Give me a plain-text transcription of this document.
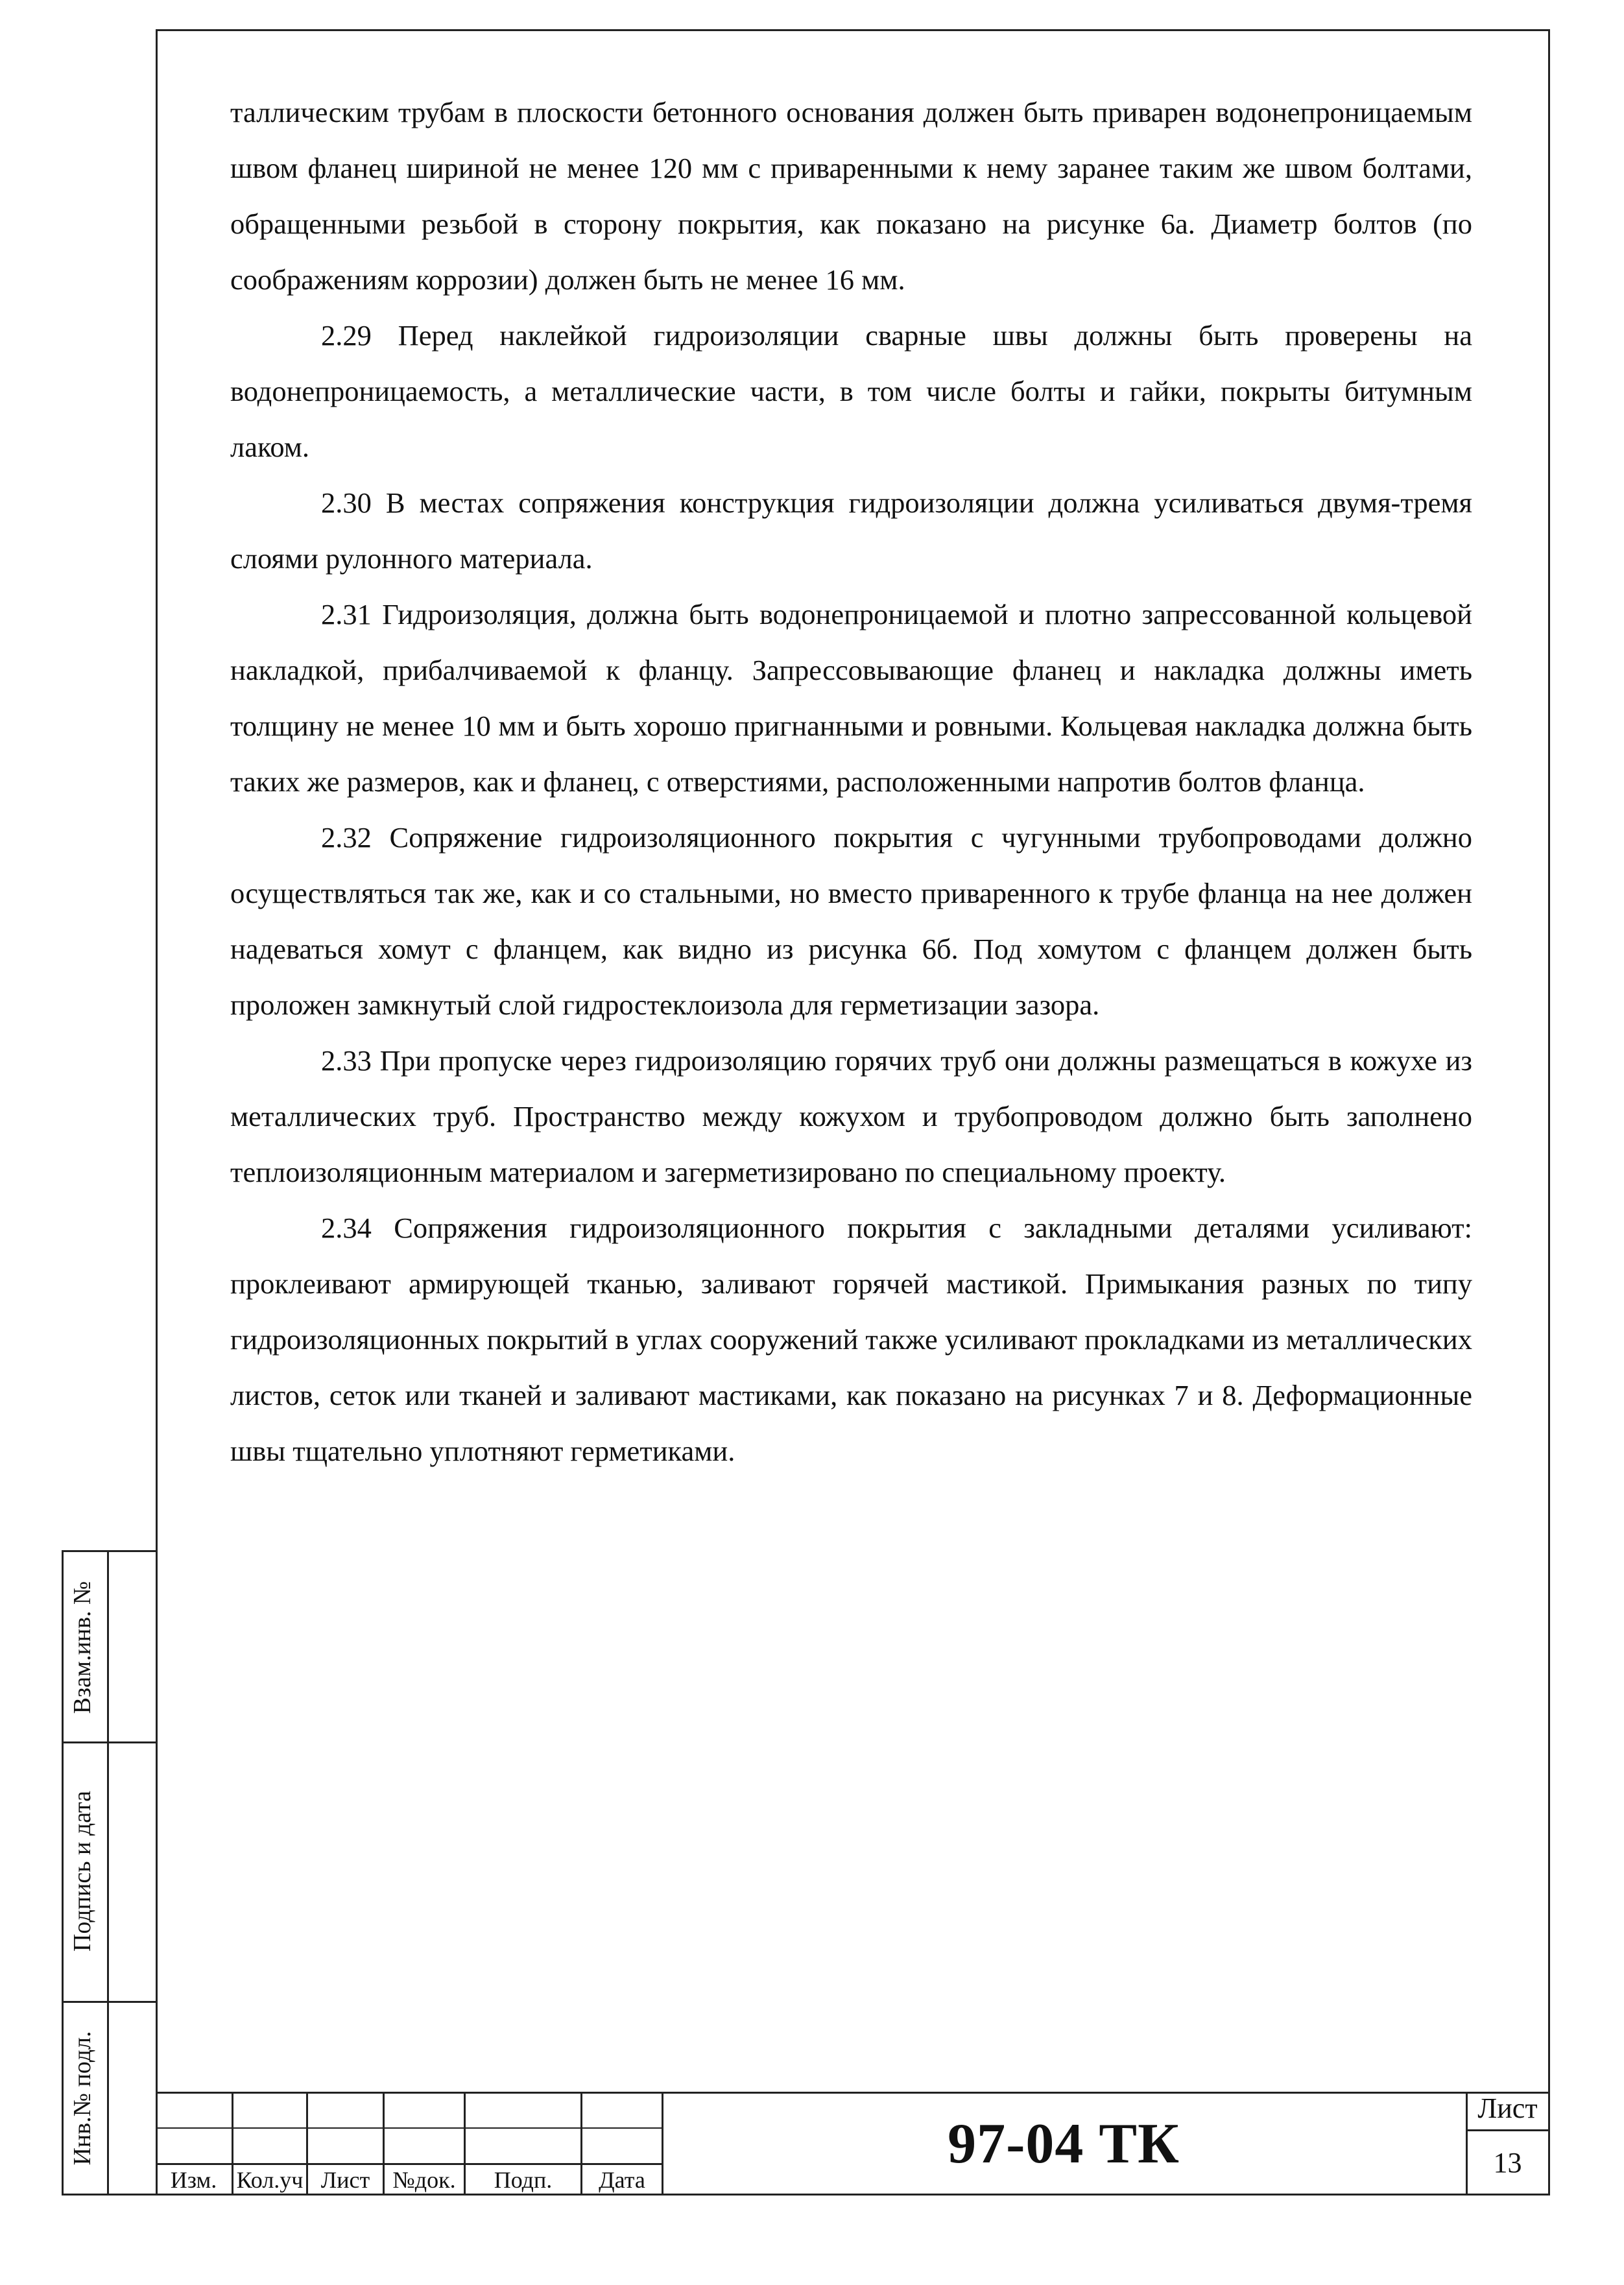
таллическим трубам в плоскости бетонного основания должен быть приварен водонепроницаемым швом фланец шириной не менее 120 мм с приваренными к нему заранее таким же швом болтами, обращенными резьбой в сторону покрытия, как показано на рисунке 6а. Диаметр болтов (по соображениям коррозии) должен быть не менее 16 мм.

2.29 Перед наклейкой гидроизоляции сварные швы должны быть проверены на водонепроницаемость, а металлические части, в том числе болты и гайки, покрыты битумным лаком.

2.30 В местах сопряжения конструкция гидроизоляции должна усиливаться двумя-тремя слоями рулонного материала.

2.31 Гидроизоляция, должна быть водонепроницаемой и плотно запрессованной кольцевой накладкой, прибалчиваемой к фланцу. Запрессовывающие фланец и накладка должны иметь толщину не менее 10 мм и быть хорошо пригнанными и ровными. Кольцевая накладка должна быть таких же размеров, как и фланец, с отверстиями, расположенными напротив болтов фланца.

2.32 Сопряжение гидроизоляционного покрытия с чугунными трубопроводами должно осуществляться так же, как и со стальными, но вместо приваренного к трубе фланца на нее должен надеваться хомут с фланцем, как видно из рисунка 6б. Под хомутом с фланцем должен быть проложен замкнутый слой гидростеклоизола для герметизации зазора.

2.33 При пропуске через гидроизоляцию горячих труб они должны размещаться в кожухе из металлических труб. Пространство между кожухом и трубопроводом должно быть заполнено теплоизоляционным материалом и загерметизировано по специальному проекту.

2.34 Сопряжения гидроизоляционного покрытия с закладными деталями усиливают: проклеивают армирующей тканью, заливают горячей мастикой. Примыкания разных по типу гидроизоляционных покрытий в углах сооружений также усиливают прокладками из металлических листов, сеток или тканей и заливают мастиками, как показано на рисунках 7 и 8. Деформационные швы тщательно уплотняют герметиками.

Взам.инв. №
Подпись и дата
Инв.№ подл.
Изм. Кол.уч Лист №док.	Подп.	Дата
97-04 ТК
Лист
13
